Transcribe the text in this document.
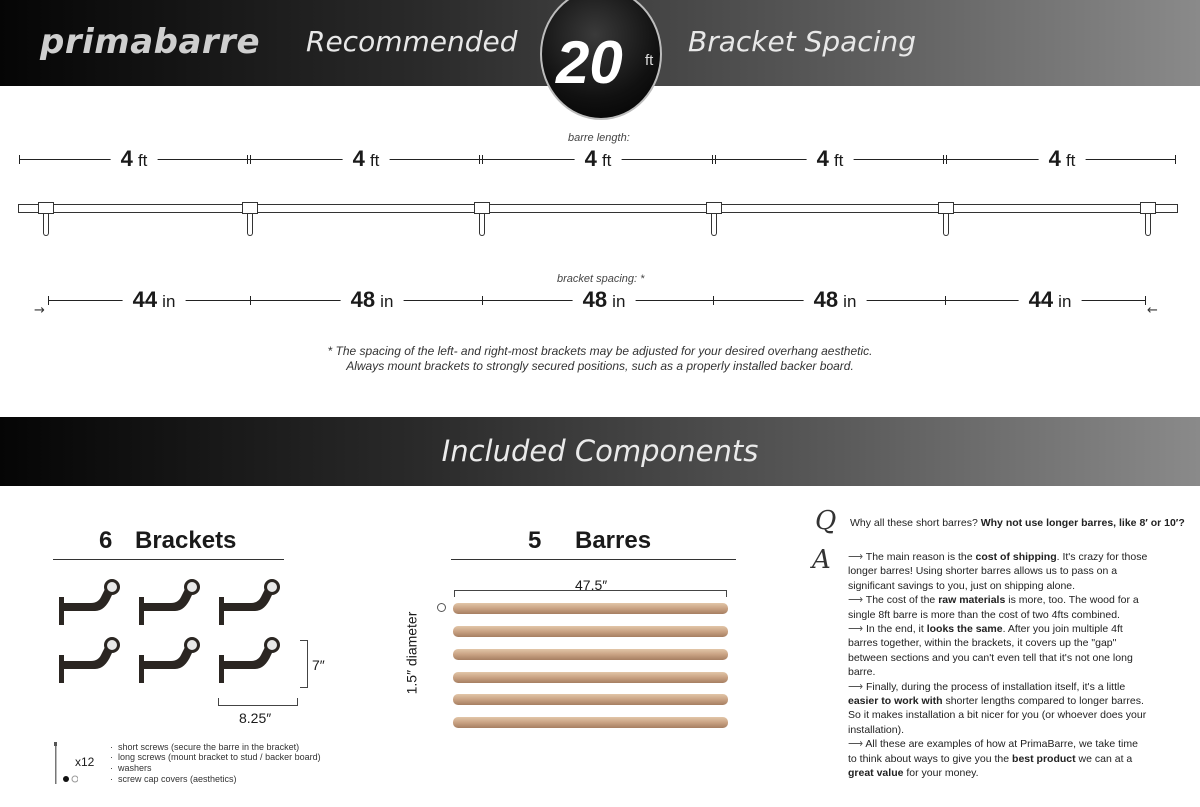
primabarre Recommended 20 ft
Bracket Spacing
barre length:
4 ft	4 ft	4 ft	4 ft	4 ft
bracket spacing: *
→	←
44 in	48 in	48 in	48 in	44 in
* The spacing of the left- and right-most brackets may be adjusted for your desired overhang aesthetic.
Always mount brackets to strongly secured positions, such as a properly installed backer board.
Included Components
6 Brackets
7″
8.25″
x12
·  short screws (secure the barre in the bracket)
·  long screws (mount bracket to stud / backer board)
·  washers
·  screw cap covers (aesthetics)
5 Barres
47.5″
1.5″ diameter
Q Why all these short barres? Why not use longer barres, like 8′ or 10′?
A ⟶ The main reason is the cost of shipping. It's crazy for those longer barres! Using shorter barres allows us to pass on a significant savings to you, just on shipping alone.

⟶ The cost of the raw materials is more, too. The wood for a single 8ft barre is more than the cost of two 4fts combined.

⟶ In the end, it looks the same. After you join multiple 4ft barres together, within the brackets, it covers up the "gap" between sections and you can't even tell that it's not one long barre.

⟶ Finally, during the process of installation itself, it's a little easier to work with shorter lengths compared to longer barres. So it makes installation a bit nicer for you (or whoever does your installation).

⟶ All these are examples of how at PrimaBarre, we take time to think about ways to give you the best product we can at a great value for your money.
